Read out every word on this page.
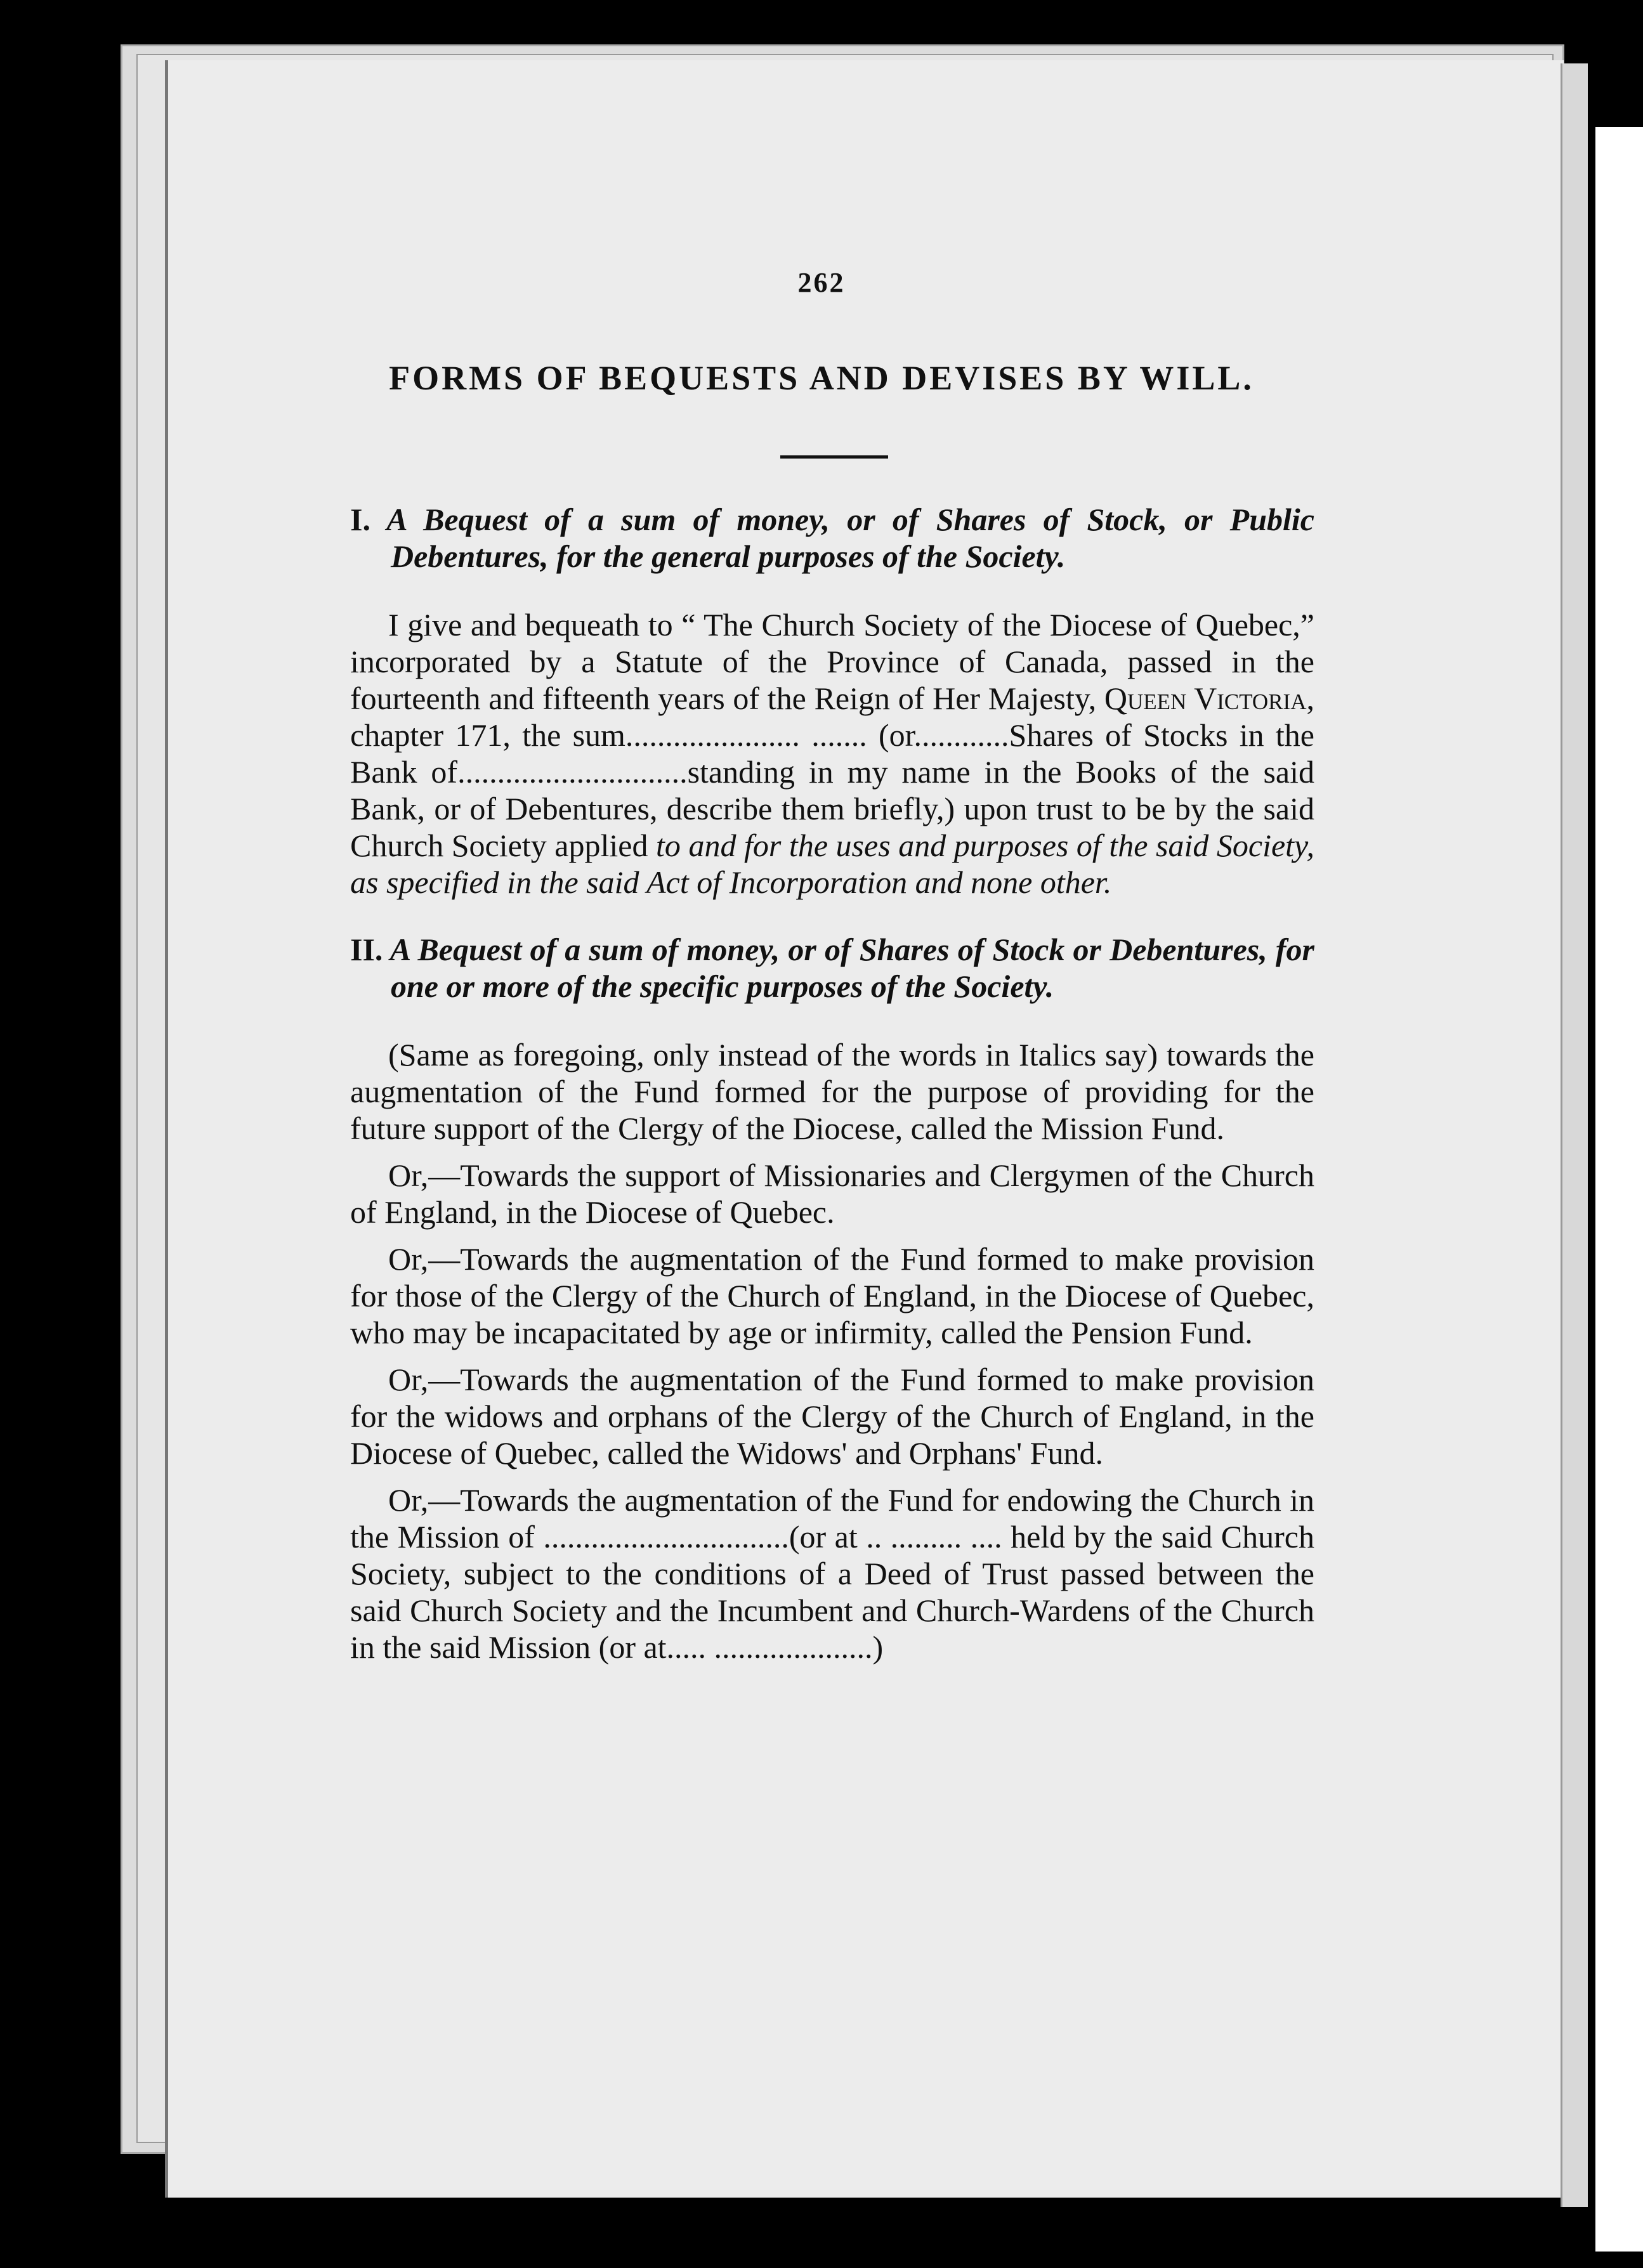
262
FORMS OF BEQUESTS AND DEVISES BY WILL.

I. A Bequest of a sum of money, or of Shares of Stock, or Public Debentures, for the general purposes of the Society.

I give and bequeath to “ The Church Society of the Diocese of Quebec,” incorporated by a Statute of the Province of Canada, passed in the fourteenth and fifteenth years of the Reign of Her Majesty, Queen Victoria, chapter 171, the sum...................... ....... (or............Shares of Stocks in the Bank of.............................standing in my name in the Books of the said Bank, or of Debentures, describe them briefly,) upon trust to be by the said Church Society applied to and for the uses and purposes of the said Society, as specified in the said Act of Incorporation and none other.

II. A Bequest of a sum of money, or of Shares of Stock or Debentures, for one or more of the specific purposes of the Society.

(Same as foregoing, only instead of the words in Italics say) towards the augmentation of the Fund formed for the purpose of providing for the future support of the Clergy of the Diocese, called the Mission Fund.

Or,—Towards the support of Missionaries and Clergymen of the Church of England, in the Diocese of Quebec.

Or,—Towards the augmentation of the Fund formed to make provision for those of the Clergy of the Church of England, in the Diocese of Quebec, who may be incapacitated by age or infirmity, called the Pension Fund.

Or,—Towards the augmentation of the Fund formed to make provision for the widows and orphans of the Clergy of the Church of England, in the Diocese of Quebec, called the Widows' and Orphans' Fund.

Or,—Towards the augmentation of the Fund for endowing the Church in the Mission of ...............................(or at .. ......... .... held by the said Church Society, subject to the conditions of a Deed of Trust passed between the said Church Society and the Incumbent and Church-Wardens of the Church in the said Mission (or at..... ....................)
